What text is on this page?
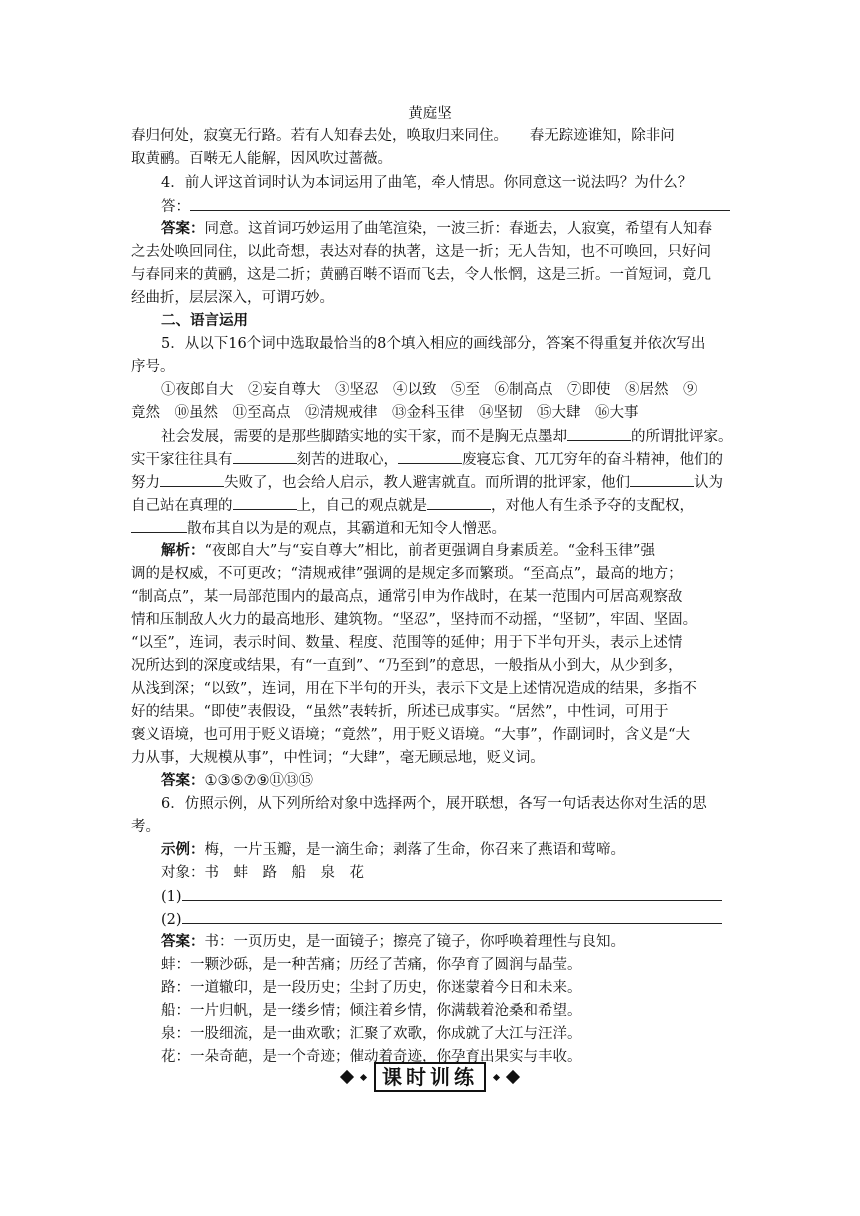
黄庭坚
春归何处，寂寞无行路。若有人知春去处，唤取归来同住。　　春无踪迹谁知，除非问
取黄鹂。百啭无人能解，因风吹过蔷薇。
4．前人评这首词时认为本词运用了曲笔，牵人情思。你同意这一说法吗？为什么？
答：
答案：同意。这首词巧妙运用了曲笔渲染，一波三折：春逝去，人寂寞，希望有人知春
之去处唤回同住，以此奇想，表达对春的执著，这是一折；无人告知，也不可唤回，只好问
与春同来的黄鹂，这是二折；黄鹂百啭不语而飞去，令人怅惘，这是三折。一首短词，竟几
经曲折，层层深入，可谓巧妙。
二、语言运用
5．从以下16个词中选取最恰当的8个填入相应的画线部分，答案不得重复并依次写出
序号。
①夜郎自大　②妄自尊大　③坚忍　④以致　⑤至　⑥制高点　⑦即使　⑧居然　⑨
竟然　⑩虽然　⑪至高点　⑫清规戒律　⑬金科玉律　⑭坚韧　⑮大肆　⑯大事
社会发展，需要的是那些脚踏实地的实干家，而不是胸无点墨却	的所谓批评家。
实干家往往具有	刻苦的进取心，	废寝忘食、兀兀穷年的奋斗精神，他们的
努力	失败了，也会给人启示，教人避害就直。而所谓的批评家，他们	认为
自己站在真理的	上，自己的观点就是	，对他人有生杀予夺的支配权，
散布其自以为是的观点，其霸道和无知令人憎恶。
解析：“夜郎自大”与“妄自尊大”相比，前者更强调自身素质差。“金科玉律”强
调的是权威，不可更改；“清规戒律”强调的是规定多而繁琐。“至高点”，最高的地方；
“制高点”，某一局部范围内的最高点，通常引申为作战时，在某一范围内可居高观察敌
情和压制敌人火力的最高地形、建筑物。“坚忍”，坚持而不动摇，“坚韧”，牢固、坚固。
“以至”，连词，表示时间、数量、程度、范围等的延伸；用于下半句开头，表示上述情
况所达到的深度或结果，有“一直到”、“乃至到”的意思，一般指从小到大，从少到多，
从浅到深；“以致”，连词，用在下半句的开头，表示下文是上述情况造成的结果，多指不
好的结果。“即使”表假设，“虽然”表转折，所述已成事实。“居然”，中性词，可用于
褒义语境，也可用于贬义语境；“竟然”，用于贬义语境。“大事”，作副词时，含义是“大
力从事，大规模从事”，中性词；“大肆”，毫无顾忌地，贬义词。
答案：①③⑤⑦⑨⑪⑬⑮
6．仿照示例，从下列所给对象中选择两个，展开联想，各写一句话表达你对生活的思
考。
示例：梅，一片玉瓣，是一滴生命；剥落了生命，你召来了燕语和莺啼。
对象：书　蚌　路　船　泉　花
(1)
(2)
答案：书：一页历史，是一面镜子；擦亮了镜子，你呼唤着理性与良知。
蚌：一颗沙砾，是一种苦痛；历经了苦痛，你孕育了圆润与晶莹。
路：一道辙印，是一段历史；尘封了历史，你迷蒙着今日和未来。
船：一片归帆，是一缕乡情；倾注着乡情，你满载着沧桑和希望。
泉：一股细流，是一曲欢歌；汇聚了欢歌，你成就了大江与汪洋。
花：一朵奇葩，是一个奇迹；催动着奇迹，你孕育出果实与丰收。
课时训练
